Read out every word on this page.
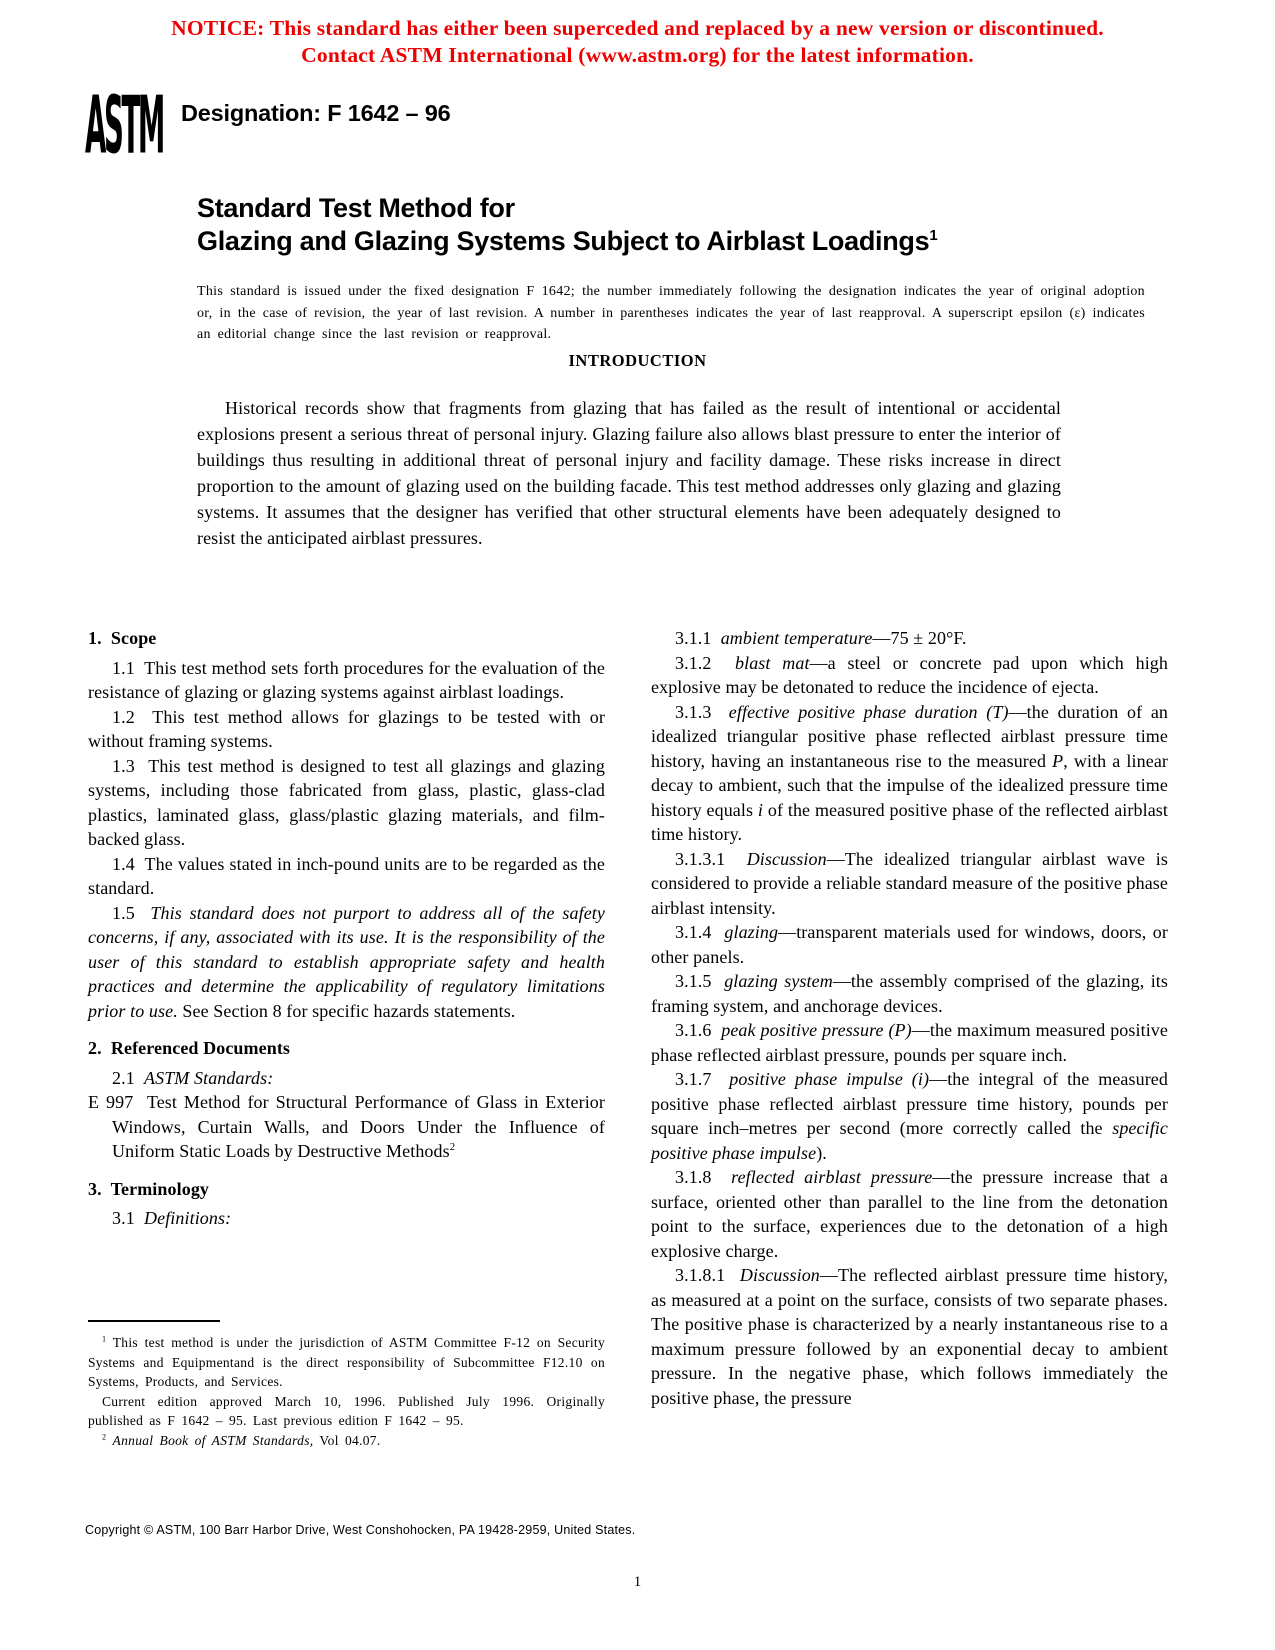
NOTICE: This standard has either been superceded and replaced by a new version or discontinued.
Contact ASTM International (www.astm.org) for the latest information.
ASTM Designation: F 1642 – 96
Standard Test Method for
Glazing and Glazing Systems Subject to Airblast Loadings$^1$
This standard is issued under the fixed designation F 1642; the number immediately following the designation indicates the year of original adoption or, in the case of revision, the year of last revision. A number in parentheses indicates the year of last reapproval. A superscript epsilon (ε) indicates an editorial change since the last revision or reapproval.
INTRODUCTION
Historical records show that fragments from glazing that has failed as the result of intentional or accidental explosions present a serious threat of personal injury. Glazing failure also allows blast pressure to enter the interior of buildings thus resulting in additional threat of personal injury and facility damage. These risks increase in direct proportion to the amount of glazing used on the building facade. This test method addresses only glazing and glazing systems. It assumes that the designer has verified that other structural elements have been adequately designed to resist the anticipated airblast pressures.
1.  Scope
1.1  This test method sets forth procedures for the evaluation of the resistance of glazing or glazing systems against airblast loadings.
1.2  This test method allows for glazings to be tested with or without framing systems.
1.3  This test method is designed to test all glazings and glazing systems, including those fabricated from glass, plastic, glass-clad plastics, laminated glass, glass/plastic glazing materials, and film-backed glass.
1.4  The values stated in inch-pound units are to be regarded as the standard.
1.5  This standard does not purport to address all of the safety concerns, if any, associated with its use. It is the responsibility of the user of this standard to establish appropriate safety and health practices and determine the applicability of regulatory limitations prior to use. See Section 8 for specific hazards statements.
2.  Referenced Documents
2.1  ASTM Standards:
E 997  Test Method for Structural Performance of Glass in Exterior Windows, Curtain Walls, and Doors Under the Influence of Uniform Static Loads by Destructive Methods$^2$
3.  Terminology
3.1  Definitions:
3.1.1  ambient temperature—75 ± 20°F.
3.1.2  blast mat—a steel or concrete pad upon which high explosive may be detonated to reduce the incidence of ejecta.
3.1.3  effective positive phase duration (T)—the duration of an idealized triangular positive phase reflected airblast pressure time history, having an instantaneous rise to the measured P, with a linear decay to ambient, such that the impulse of the idealized pressure time history equals i of the measured positive phase of the reflected airblast time history.
3.1.3.1  Discussion—The idealized triangular airblast wave is considered to provide a reliable standard measure of the positive phase airblast intensity.
3.1.4  glazing—transparent materials used for windows, doors, or other panels.
3.1.5  glazing system—the assembly comprised of the glazing, its framing system, and anchorage devices.
3.1.6  peak positive pressure (P)—the maximum measured positive phase reflected airblast pressure, pounds per square inch.
3.1.7  positive phase impulse (i)—the integral of the measured positive phase reflected airblast pressure time history, pounds per square inch–metres per second (more correctly called the specific positive phase impulse).
3.1.8  reflected airblast pressure—the pressure increase that a surface, oriented other than parallel to the line from the detonation point to the surface, experiences due to the detonation of a high explosive charge.
3.1.8.1  Discussion—The reflected airblast pressure time history, as measured at a point on the surface, consists of two separate phases. The positive phase is characterized by a nearly instantaneous rise to a maximum pressure followed by an exponential decay to ambient pressure. In the negative phase, which follows immediately the positive phase, the pressure
$^1$ This test method is under the jurisdiction of ASTM Committee F-12 on Security Systems and Equipmentand is the direct responsibility of Subcommittee F12.10 on Systems, Products, and Services.
Current edition approved March 10, 1996. Published July 1996. Originally published as F 1642 – 95. Last previous edition F 1642 – 95.
$^2$ Annual Book of ASTM Standards, Vol 04.07.
Copyright © ASTM, 100 Barr Harbor Drive, West Conshohocken, PA 19428-2959, United States.
1
